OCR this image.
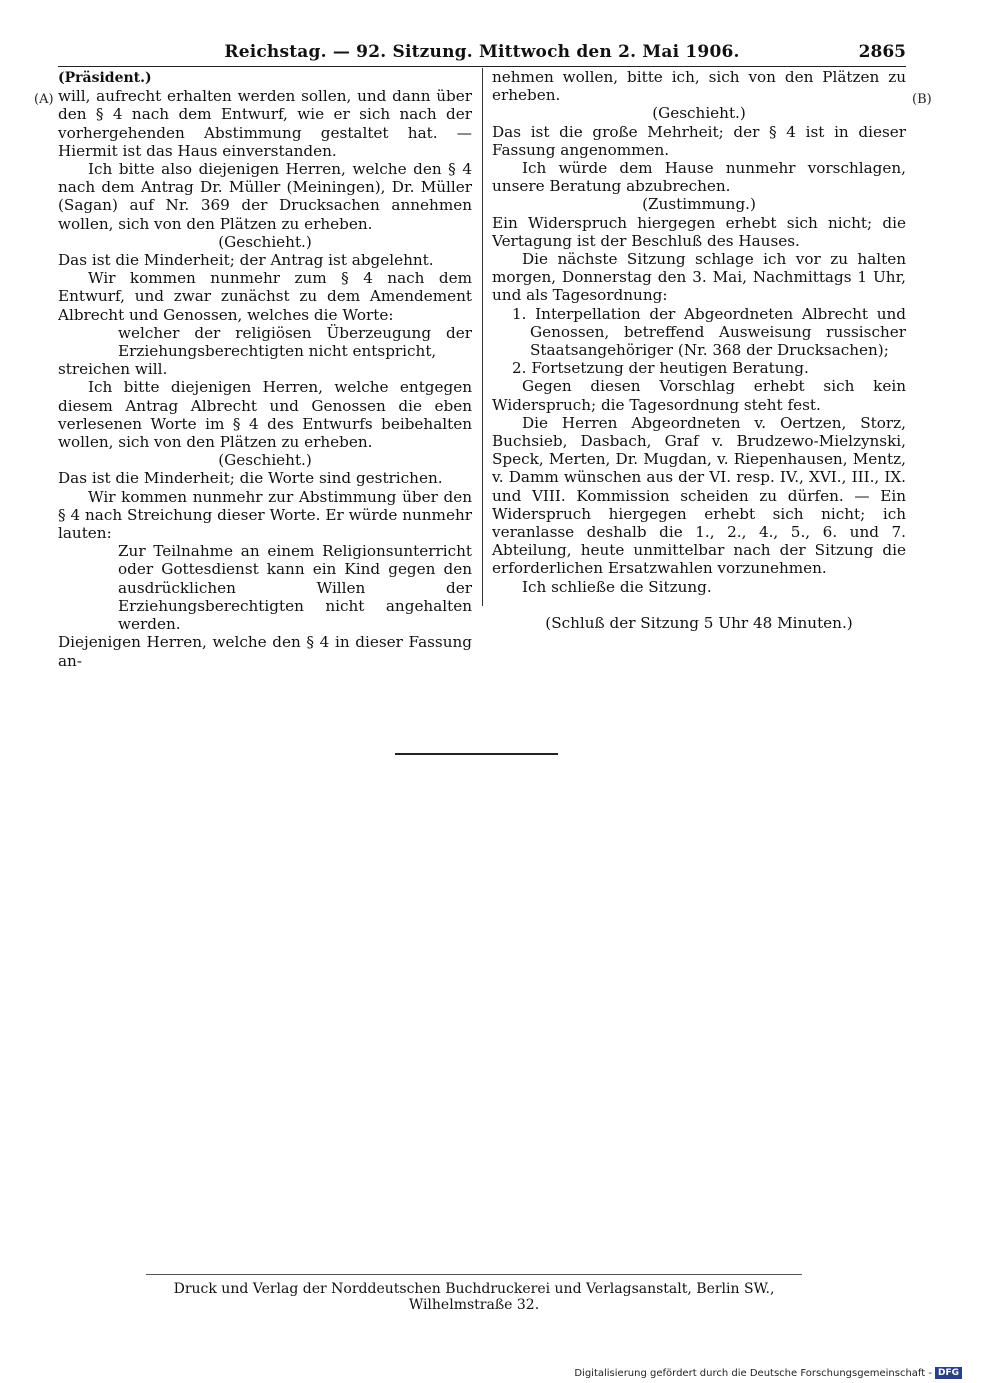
Reichstag. — 92. Sitzung. Mittwoch den 2. Mai 1906.	2865
(A)	(B)

(Präsident.)

will, aufrecht erhalten werden sollen, und dann über den § 4 nach dem Entwurf, wie er sich nach der vorhergehenden Abstimmung gestaltet hat. — Hiermit ist das Haus einverstanden.

Ich bitte also diejenigen Herren, welche den § 4 nach dem Antrag Dr. Müller (Meiningen), Dr. Müller (Sagan) auf Nr. 369 der Drucksachen annehmen wollen, sich von den Plätzen zu erheben.

(Geschieht.)

Das ist die Minderheit; der Antrag ist abgelehnt.

Wir kommen nunmehr zum § 4 nach dem Entwurf, und zwar zunächst zu dem Amendement Albrecht und Genossen, welches die Worte:

welcher der religiösen Überzeugung der Erziehungsberechtigten nicht entspricht,

streichen will.

Ich bitte diejenigen Herren, welche entgegen diesem Antrag Albrecht und Genossen die eben verlesenen Worte im § 4 des Entwurfs beibehalten wollen, sich von den Plätzen zu erheben.

(Geschieht.)

Das ist die Minderheit; die Worte sind gestrichen.

Wir kommen nunmehr zur Abstimmung über den § 4 nach Streichung dieser Worte. Er würde nunmehr lauten:

Zur Teilnahme an einem Religionsunterricht oder Gottesdienst kann ein Kind gegen den ausdrücklichen Willen der Erziehungsberechtigten nicht angehalten werden.

Diejenigen Herren, welche den § 4 in dieser Fassung an-

nehmen wollen, bitte ich, sich von den Plätzen zu erheben.

(Geschieht.)

Das ist die große Mehrheit; der § 4 ist in dieser Fassung angenommen.

Ich würde dem Hause nunmehr vorschlagen, unsere Beratung abzubrechen.

(Zustimmung.)

Ein Widerspruch hiergegen erhebt sich nicht; die Vertagung ist der Beschluß des Hauses.

Die nächste Sitzung schlage ich vor zu halten morgen, Donnerstag den 3. Mai, Nachmittags 1 Uhr, und als Tagesordnung:

1. Interpellation der Abgeordneten Albrecht und Genossen, betreffend Ausweisung russischer Staatsangehöriger (Nr. 368 der Drucksachen);

2. Fortsetzung der heutigen Beratung.

Gegen diesen Vorschlag erhebt sich kein Widerspruch; die Tagesordnung steht fest.

Die Herren Abgeordneten v. Oertzen, Storz, Buchsieb, Dasbach, Graf v. Brudzewo-Mielzynski, Speck, Merten, Dr. Mugdan, v. Riepenhausen, Mentz, v. Damm wünschen aus der VI. resp. IV., XVI., III., IX. und VIII. Kommission scheiden zu dürfen. — Ein Widerspruch hiergegen erhebt sich nicht; ich veranlasse deshalb die 1., 2., 4., 5., 6. und 7. Abteilung, heute unmittelbar nach der Sitzung die erforderlichen Ersatzwahlen vorzunehmen.

Ich schließe die Sitzung.

(Schluß der Sitzung 5 Uhr 48 Minuten.)

Druck und Verlag der Norddeutschen Buchdruckerei und Verlagsanstalt, Berlin SW., Wilhelmstraße 32.
Digitalisierung gefördert durch die Deutsche Forschungsgemeinschaft - DFG
